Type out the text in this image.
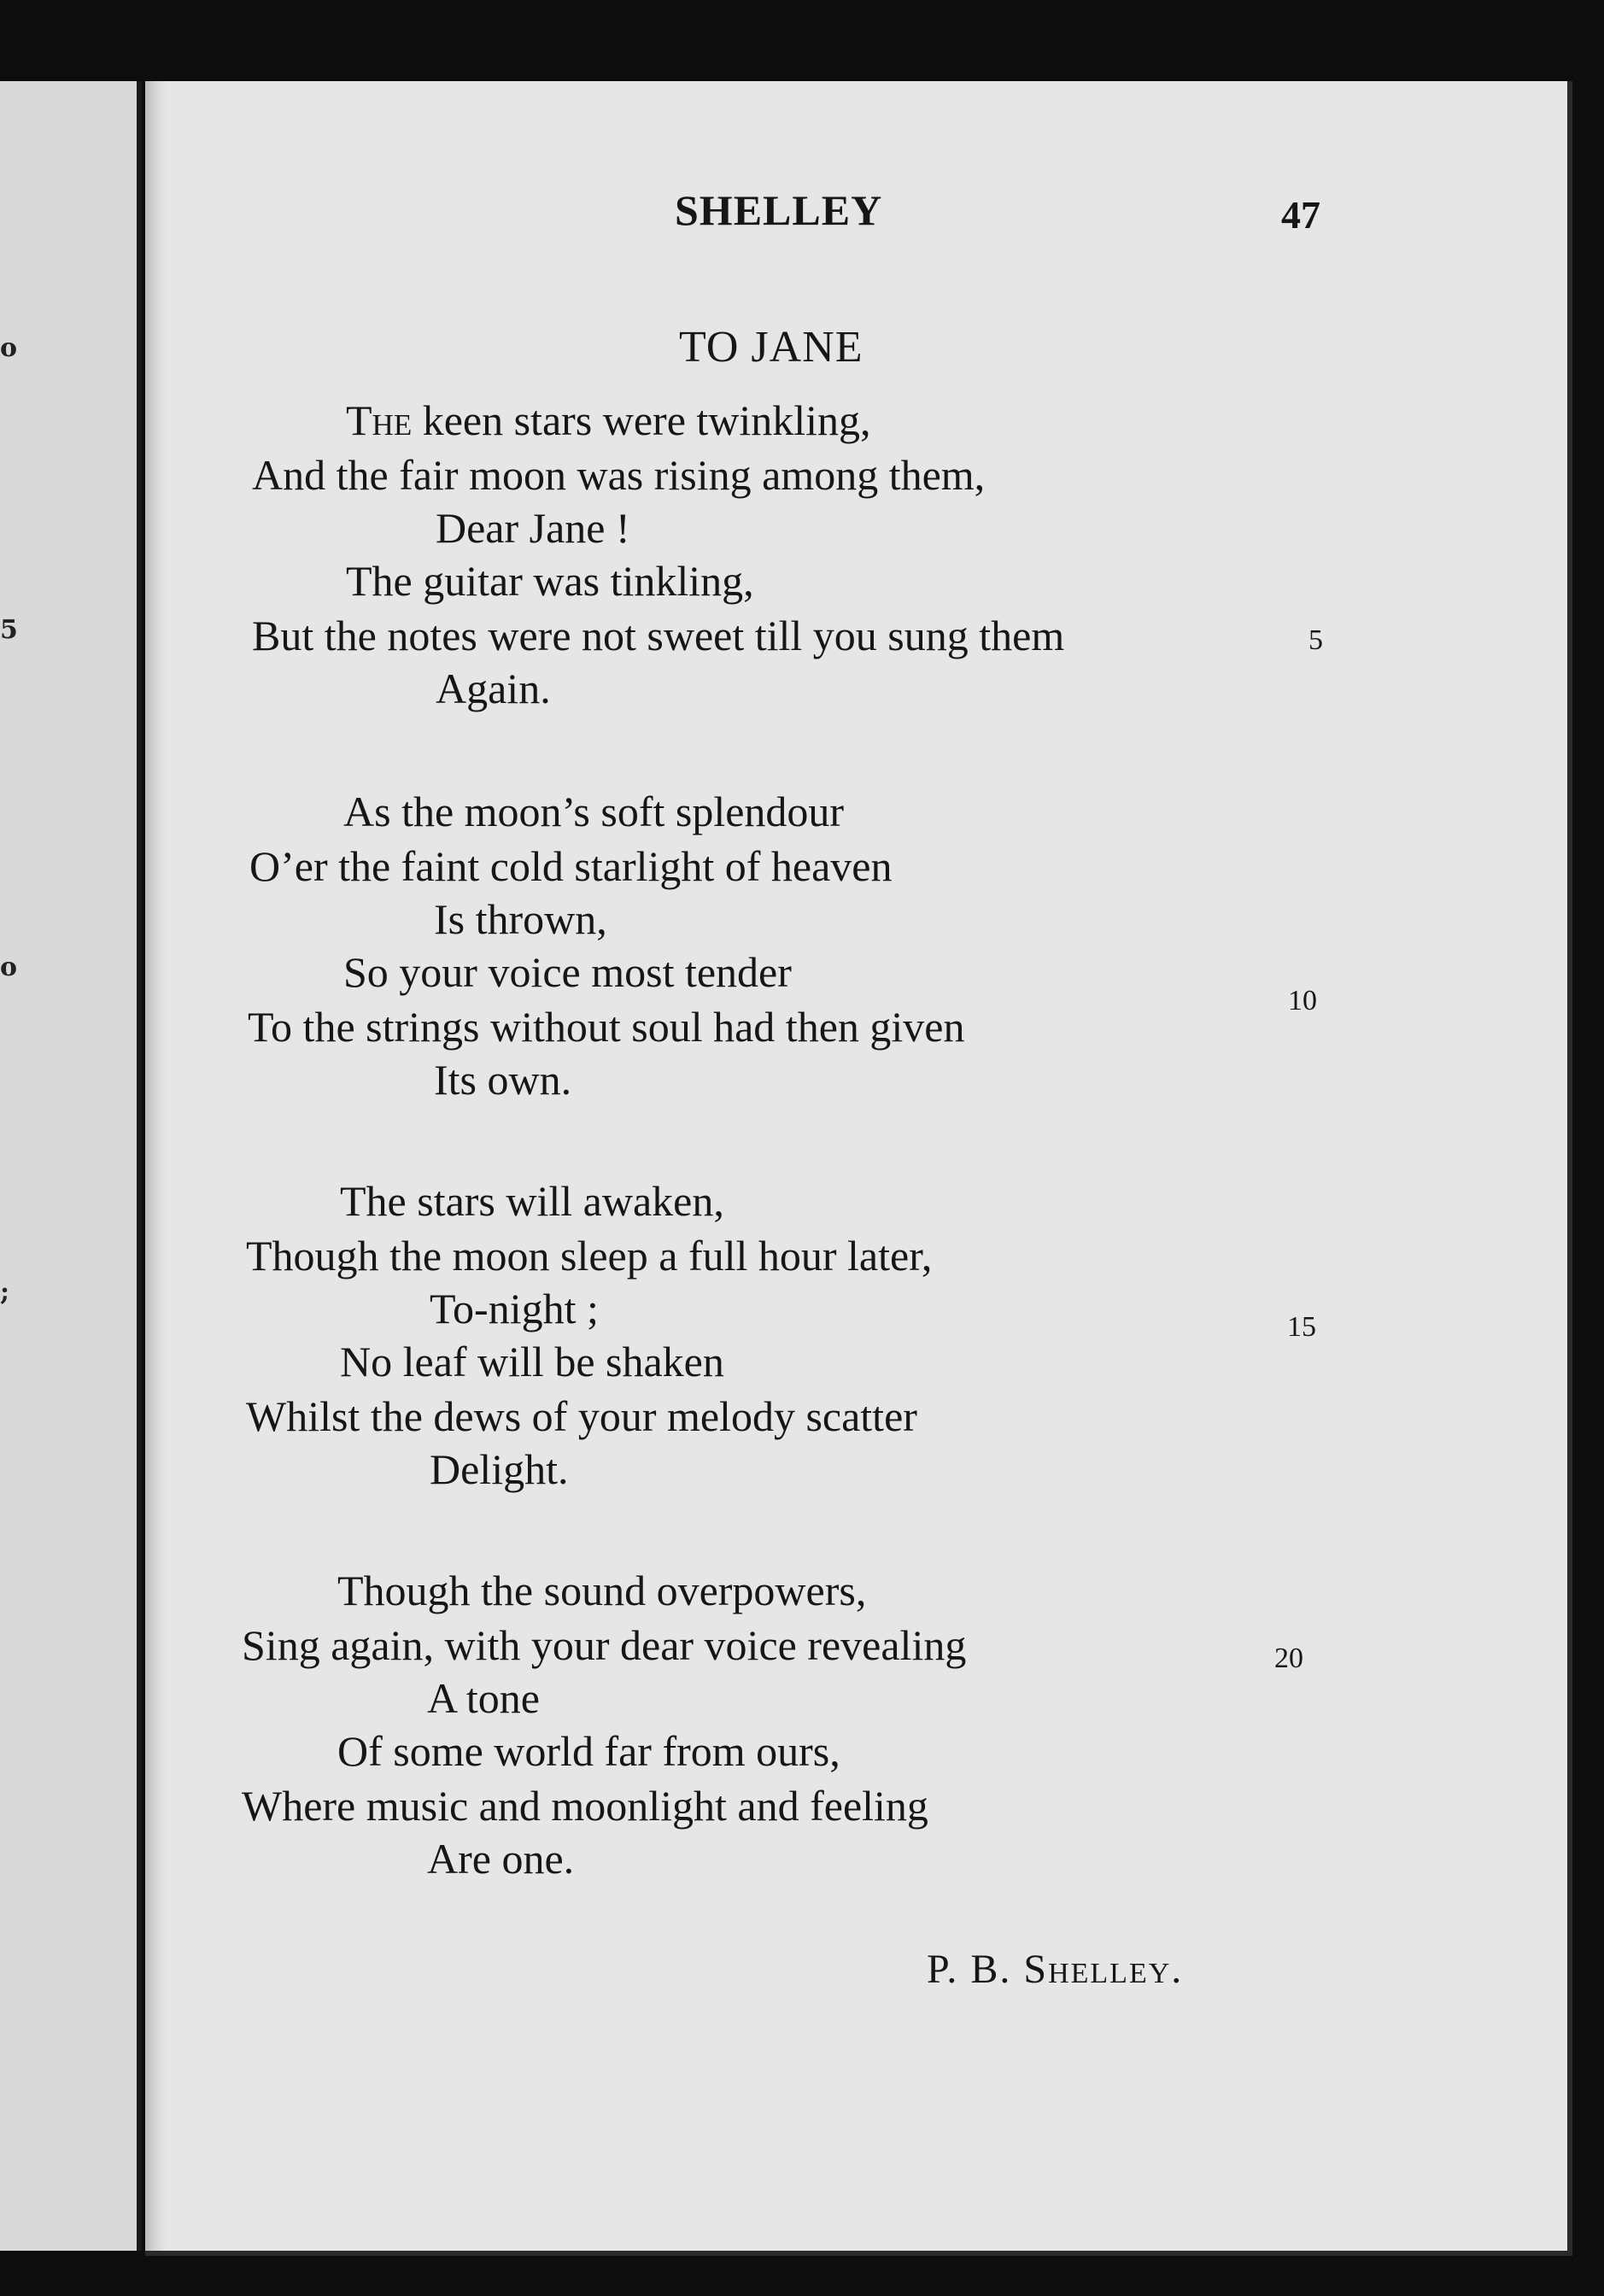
o
5
o
;
SHELLEY	47
TO JANE
The keen stars were twinkling,
And the fair moon was rising among them,
Dear Jane !
The guitar was tinkling,
But the notes were not sweet till you sung them
Again.
As the moon’s soft splendour
O’er the faint cold starlight of heaven
Is thrown,
So your voice most tender
To the strings without soul had then given
Its own.
The stars will awaken,
Though the moon sleep a full hour later,
To-night ;
No leaf will be shaken
Whilst the dews of your melody scatter
Delight.
Though the sound overpowers,
Sing again, with your dear voice revealing
A tone
Of some world far from ours,
Where music and moonlight and feeling
Are one.
5
10
15
20
P. B. Shelley.
